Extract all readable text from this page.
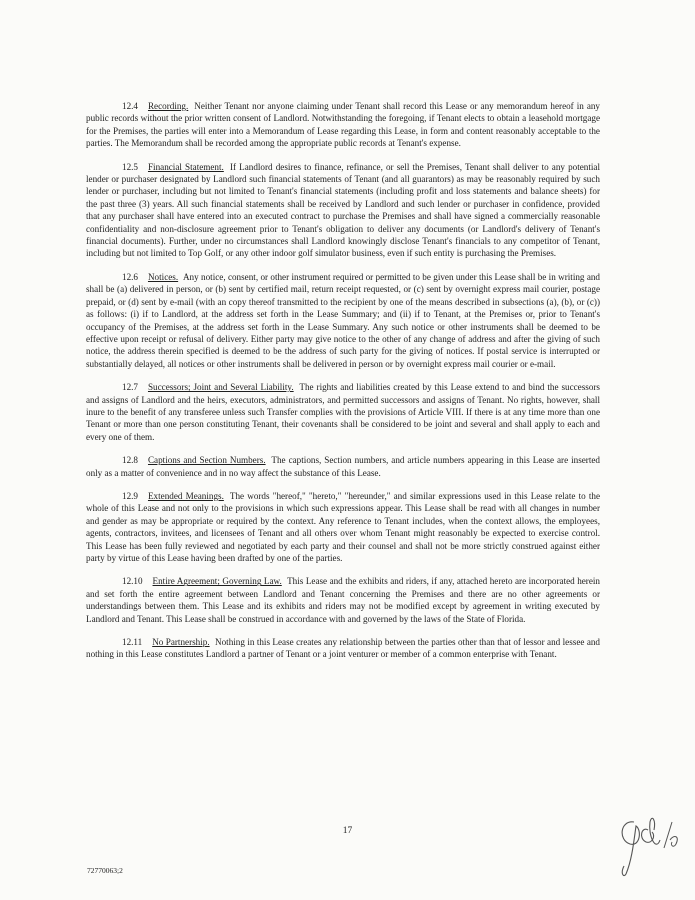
12.4 Recording. Neither Tenant nor anyone claiming under Tenant shall record this Lease or any memorandum hereof in any public records without the prior written consent of Landlord. Notwithstanding the foregoing, if Tenant elects to obtain a leasehold mortgage for the Premises, the parties will enter into a Memorandum of Lease regarding this Lease, in form and content reasonably acceptable to the parties. The Memorandum shall be recorded among the appropriate public records at Tenant's expense.

12.5 Financial Statement. If Landlord desires to finance, refinance, or sell the Premises, Tenant shall deliver to any potential lender or purchaser designated by Landlord such financial statements of Tenant (and all guarantors) as may be reasonably required by such lender or purchaser, including but not limited to Tenant's financial statements (including profit and loss statements and balance sheets) for the past three (3) years. All such financial statements shall be received by Landlord and such lender or purchaser in confidence, provided that any purchaser shall have entered into an executed contract to purchase the Premises and shall have signed a commercially reasonable confidentiality and non-disclosure agreement prior to Tenant's obligation to deliver any documents (or Landlord's delivery of Tenant's financial documents). Further, under no circumstances shall Landlord knowingly disclose Tenant's financials to any competitor of Tenant, including but not limited to Top Golf, or any other indoor golf simulator business, even if such entity is purchasing the Premises.

12.6 Notices. Any notice, consent, or other instrument required or permitted to be given under this Lease shall be in writing and shall be (a) delivered in person, or (b) sent by certified mail, return receipt requested, or (c) sent by overnight express mail courier, postage prepaid, or (d) sent by e-mail (with an copy thereof transmitted to the recipient by one of the means described in subsections (a), (b), or (c)) as follows: (i) if to Landlord, at the address set forth in the Lease Summary; and (ii) if to Tenant, at the Premises or, prior to Tenant's occupancy of the Premises, at the address set forth in the Lease Summary. Any such notice or other instruments shall be deemed to be effective upon receipt or refusal of delivery. Either party may give notice to the other of any change of address and after the giving of such notice, the address therein specified is deemed to be the address of such party for the giving of notices. If postal service is interrupted or substantially delayed, all notices or other instruments shall be delivered in person or by overnight express mail courier or e-mail.

12.7 Successors; Joint and Several Liability. The rights and liabilities created by this Lease extend to and bind the successors and assigns of Landlord and the heirs, executors, administrators, and permitted successors and assigns of Tenant. No rights, however, shall inure to the benefit of any transferee unless such Transfer complies with the provisions of Article VIII. If there is at any time more than one Tenant or more than one person constituting Tenant, their covenants shall be considered to be joint and several and shall apply to each and every one of them.

12.8 Captions and Section Numbers. The captions, Section numbers, and article numbers appearing in this Lease are inserted only as a matter of convenience and in no way affect the substance of this Lease.

12.9 Extended Meanings. The words "hereof," "hereto," "hereunder," and similar expressions used in this Lease relate to the whole of this Lease and not only to the provisions in which such expressions appear. This Lease shall be read with all changes in number and gender as may be appropriate or required by the context. Any reference to Tenant includes, when the context allows, the employees, agents, contractors, invitees, and licensees of Tenant and all others over whom Tenant might reasonably be expected to exercise control. This Lease has been fully reviewed and negotiated by each party and their counsel and shall not be more strictly construed against either party by virtue of this Lease having been drafted by one of the parties.

12.10 Entire Agreement; Governing Law. This Lease and the exhibits and riders, if any, attached hereto are incorporated herein and set forth the entire agreement between Landlord and Tenant concerning the Premises and there are no other agreements or understandings between them. This Lease and its exhibits and riders may not be modified except by agreement in writing executed by Landlord and Tenant. This Lease shall be construed in accordance with and governed by the laws of the State of Florida.

12.11 No Partnership. Nothing in this Lease creates any relationship between the parties other than that of lessor and lessee and nothing in this Lease constitutes Landlord a partner of Tenant or a joint venturer or member of a common enterprise with Tenant.

17
72770063;2
